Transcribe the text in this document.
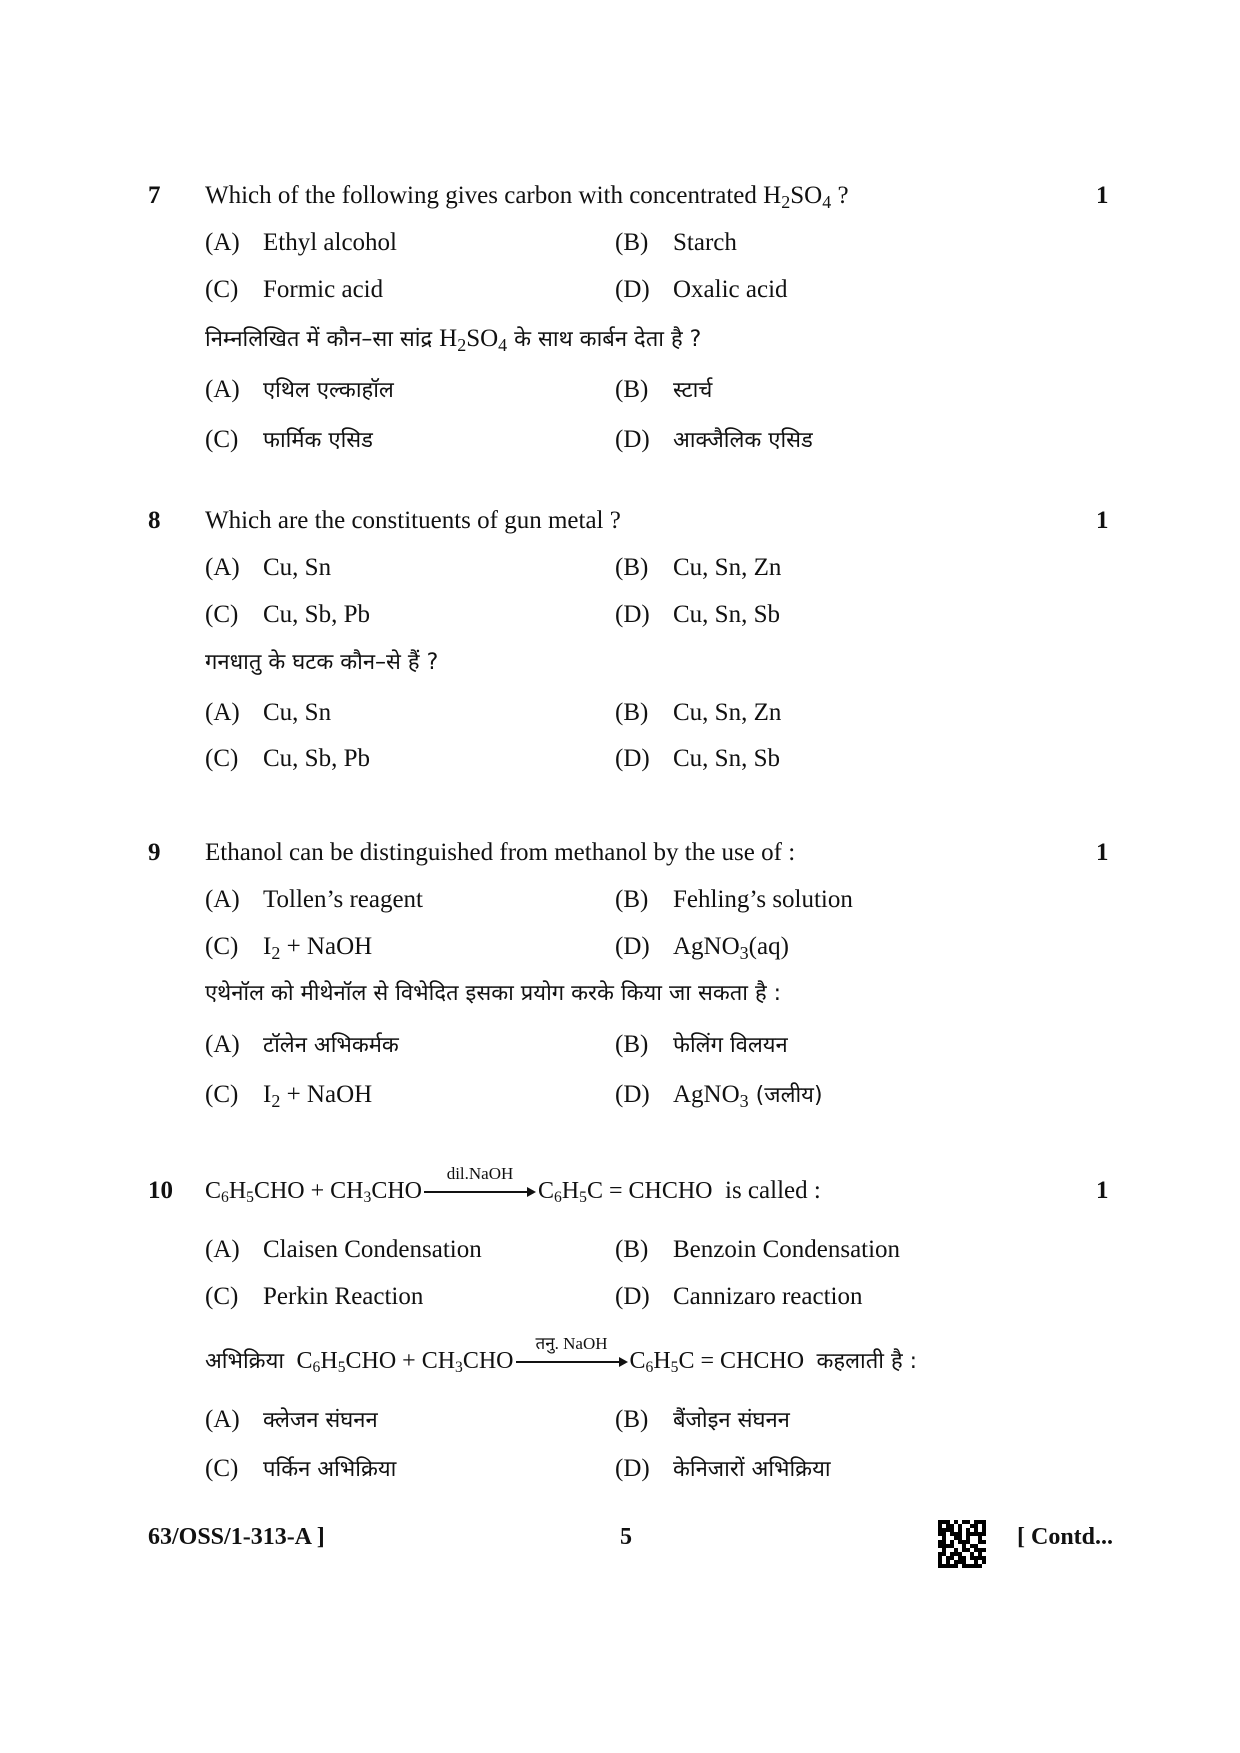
7 Which of the following gives carbon with concentrated $H_2SO_4$ ?	1
(A) Ethyl alcohol	(B) Starch
(C) Formic acid	(D) Oxalic acid
निम्नलिखित में कौन–सा सांद्र $H_2SO_4$ के साथ कार्बन देता है ?
(A) एथिल एल्काहॉल	(B) स्टार्च
(C) फार्मिक एसिड	(D) आक्जैलिक एसिड
8 Which are the constituents of gun metal ?	1
(A) Cu, Sn	(B) Cu, Sn, Zn
(C) Cu, Sb, Pb	(D) Cu, Sn, Sb
गनधातु के घटक कौन–से हैं ?
(A) Cu, Sn	(B) Cu, Sn, Zn
(C) Cu, Sb, Pb	(D) Cu, Sn, Sb
9 Ethanol can be distinguished from methanol by the use of :	1
(A) Tollen’s reagent	(B) Fehling’s solution
(C) $I_2$ + NaOH	(D) AgNO$_3$(aq)
एथेनॉल को मीथेनॉल से विभेदित इसका प्रयोग करके किया जा सकता है :
(A) टॉलेन अभिकर्मक	(B) फेलिंग विलयन
(C) $I_2$ + NaOH	(D) AgNO$_3$ (जलीय)
10 $C_6H_5CHO + CH_3CHO$
dil.NaOH
$C_6H_5C$ = CHCHO is called :	1
(A) Claisen Condensation	(B) Benzoin Condensation
(C) Perkin Reaction	(D) Cannizaro reaction
अभिक्रिया $C_6H_5CHO + CH_3CHO$
तनु. NaOH
$C_6H_5C$ = CHCHO कहलाती है :
(A) क्लेजन संघनन	(B) बैंजोइन संघनन
(C) पर्किन अभिक्रिया	(D) केनिजारों अभिक्रिया
63/OSS/1-313-A ]	5	[ Contd...
